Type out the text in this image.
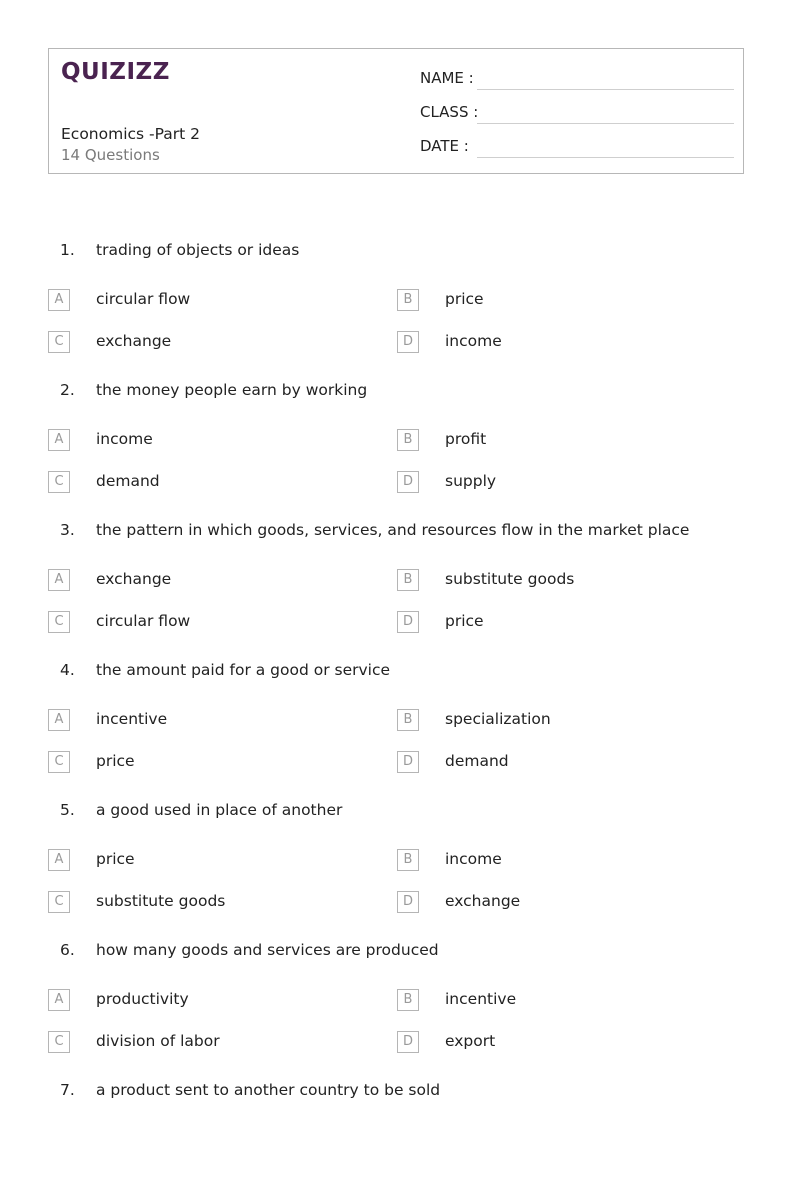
QUIZIZZ
Economics -Part 2
14 Questions
NAME :
CLASS :
DATE :
1. trading of objects or ideas
A	circular flow	B	price
C	exchange	D	income
2. the money people earn by working
A	income	B	profit
C	demand	D	supply
3. the pattern in which goods, services, and resources flow in the market place
A	exchange	B	substitute goods
C	circular flow	D	price
4. the amount paid for a good or service
A	incentive	B	specialization
C	price	D	demand
5. a good used in place of another
A	price	B	income
C	substitute goods	D	exchange
6. how many goods and services are produced
A	productivity	B	incentive
C	division of labor	D	export
7. a product sent to another country to be sold
